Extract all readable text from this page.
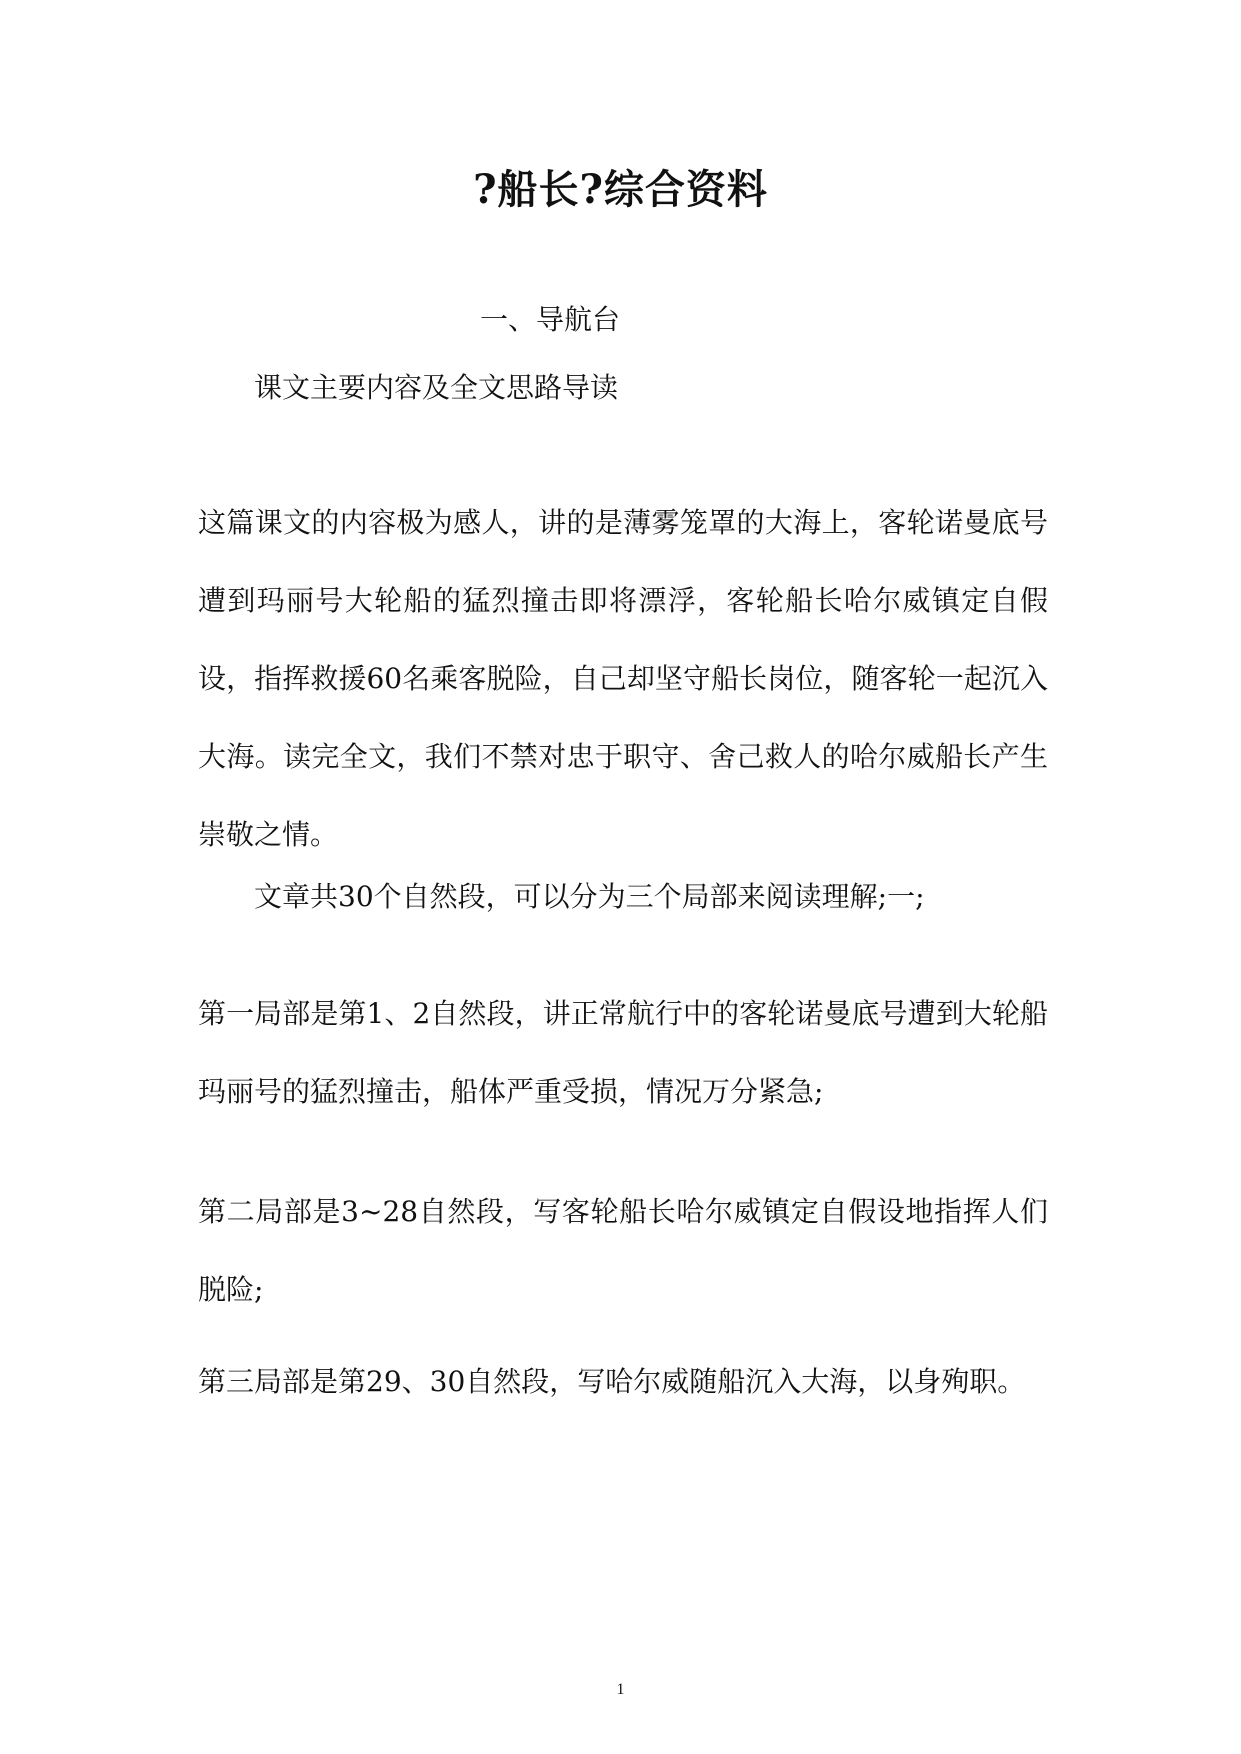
?船长?综合资料

一、导航台

课文主要内容及全文思路导读

这篇课文的内容极为感人，讲的是薄雾笼罩的大海上，客轮诺曼底号遭到玛丽号大轮船的猛烈撞击即将漂浮，客轮船长哈尔威镇定自假设，指挥救援60名乘客脱险，自己却坚守船长岗位，随客轮一起沉入大海。读完全文，我们不禁对忠于职守、舍己救人的哈尔威船长产生崇敬之情。

文章共30个自然段，可以分为三个局部来阅读理解;一;

第一局部是第1、2自然段，讲正常航行中的客轮诺曼底号遭到大轮船玛丽号的猛烈撞击，船体严重受损，情况万分紧急;

第二局部是3~28自然段，写客轮船长哈尔威镇定自假设地指挥人们脱险;

第三局部是第29、30自然段，写哈尔威随船沉入大海，以身殉职。

1
